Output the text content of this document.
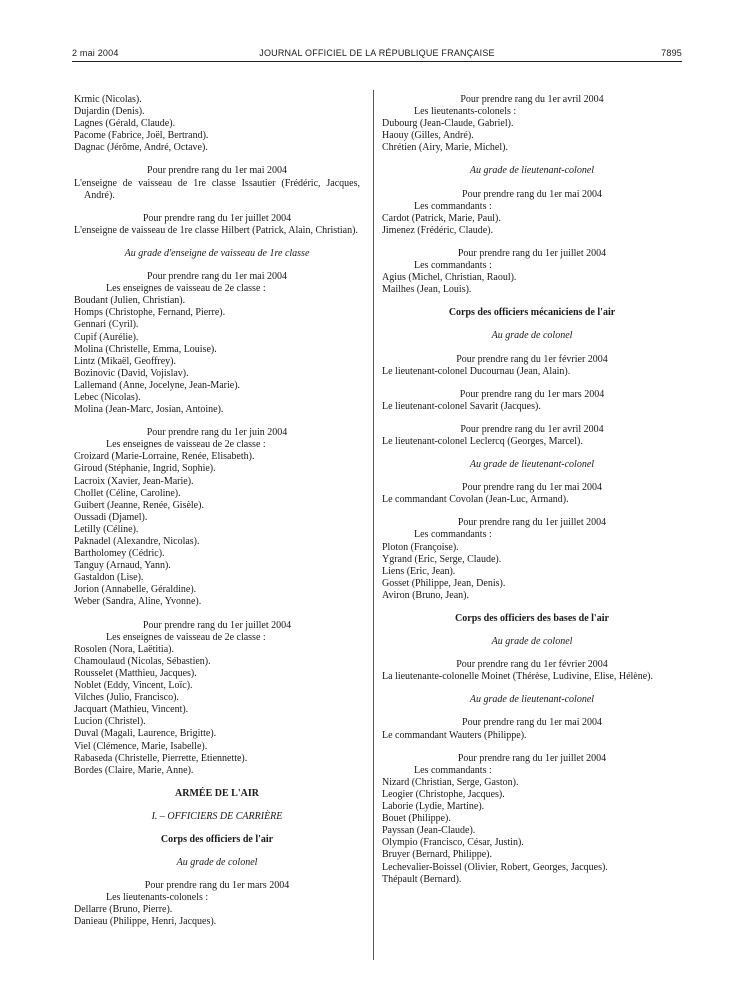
2 mai 2004	JOURNAL OFFICIEL DE LA RÉPUBLIQUE FRANÇAISE	7895

Krmic (Nicolas).

Dujardin (Denis).

Lagnes (Gérald, Claude).

Pacome (Fabrice, Joël, Bertrand).

Dagnac (Jérôme, André, Octave).

Pour prendre rang du 1er mai 2004

L'enseigne de vaisseau de 1re classe Issautier (Frédéric, Jacques, André).

Pour prendre rang du 1er juillet 2004

L'enseigne de vaisseau de 1re classe Hilbert (Patrick, Alain, Christian).

Au grade d'enseigne de vaisseau de 1re classe

Pour prendre rang du 1er mai 2004

Les enseignes de vaisseau de 2e classe :

Boudant (Julien, Christian).

Homps (Christophe, Fernand, Pierre).

Gennari (Cyril).

Cupif (Aurélie).

Molina (Christelle, Emma, Louise).

Lintz (Mikaël, Geoffrey).

Bozinovic (David, Vojislav).

Lallemand (Anne, Jocelyne, Jean-Marie).

Lebec (Nicolas).

Molina (Jean-Marc, Josian, Antoine).

Pour prendre rang du 1er juin 2004

Les enseignes de vaisseau de 2e classe :

Croizard (Marie-Lorraine, Renée, Elisabeth).

Giroud (Stéphanie, Ingrid, Sophie).

Lacroix (Xavier, Jean-Marie).

Chollet (Céline, Caroline).

Guibert (Jeanne, Renée, Gisèle).

Oussadi (Djamel).

Letilly (Céline).

Paknadel (Alexandre, Nicolas).

Bartholomey (Cédric).

Tanguy (Arnaud, Yann).

Gastaldon (Lise).

Jorion (Annabelle, Géraldine).

Weber (Sandra, Aline, Yvonne).

Pour prendre rang du 1er juillet 2004

Les enseignes de vaisseau de 2e classe :

Rosolen (Nora, Laëtitia).

Chamoulaud (Nicolas, Sébastien).

Rousselet (Matthieu, Jacques).

Noblet (Eddy, Vincent, Loïc).

Vilches (Julio, Francisco).

Jacquart (Mathieu, Vincent).

Lucion (Christel).

Duval (Magali, Laurence, Brigitte).

Viel (Clémence, Marie, Isabelle).

Rabaseda (Christelle, Pierrette, Etiennette).

Bordes (Claire, Marie, Anne).

ARMÉE DE L'AIR

I. – OFFICIERS DE CARRIÈRE

Corps des officiers de l'air

Au grade de colonel

Pour prendre rang du 1er mars 2004

Les lieutenants-colonels :

Dellarre (Bruno, Pierre).

Danieau (Philippe, Henri, Jacques).

Pour prendre rang du 1er avril 2004

Les lieutenants-colonels :

Dubourg (Jean-Claude, Gabriel).

Haouy (Gilles, André).

Chrétien (Airy, Marie, Michel).

Au grade de lieutenant-colonel

Pour prendre rang du 1er mai 2004

Les commandants :

Cardot (Patrick, Marie, Paul).

Jimenez (Frédéric, Claude).

Pour prendre rang du 1er juillet 2004

Les commandants :

Agius (Michel, Christian, Raoul).

Mailhes (Jean, Louis).

Corps des officiers mécaniciens de l'air

Au grade de colonel

Pour prendre rang du 1er février 2004

Le lieutenant-colonel Ducournau (Jean, Alain).

Pour prendre rang du 1er mars 2004

Le lieutenant-colonel Savarit (Jacques).

Pour prendre rang du 1er avril 2004

Le lieutenant-colonel Leclercq (Georges, Marcel).

Au grade de lieutenant-colonel

Pour prendre rang du 1er mai 2004

Le commandant Covolan (Jean-Luc, Armand).

Pour prendre rang du 1er juillet 2004

Les commandants :

Ploton (Françoise).

Ygrand (Eric, Serge, Claude).

Liens (Eric, Jean).

Gosset (Philippe, Jean, Denis).

Aviron (Bruno, Jean).

Corps des officiers des bases de l'air

Au grade de colonel

Pour prendre rang du 1er février 2004

La lieutenante-colonelle Moinet (Thérèse, Ludivine, Elise, Hélène).

Au grade de lieutenant-colonel

Pour prendre rang du 1er mai 2004

Le commandant Wauters (Philippe).

Pour prendre rang du 1er juillet 2004

Les commandants :

Nizard (Christian, Serge, Gaston).

Leogier (Christophe, Jacques).

Laborie (Lydie, Martine).

Bouet (Philippe).

Payssan (Jean-Claude).

Olympio (Francisco, César, Justin).

Bruyer (Bernard, Philippe).

Lechevalier-Boissel (Olivier, Robert, Georges, Jacques).

Thépault (Bernard).
